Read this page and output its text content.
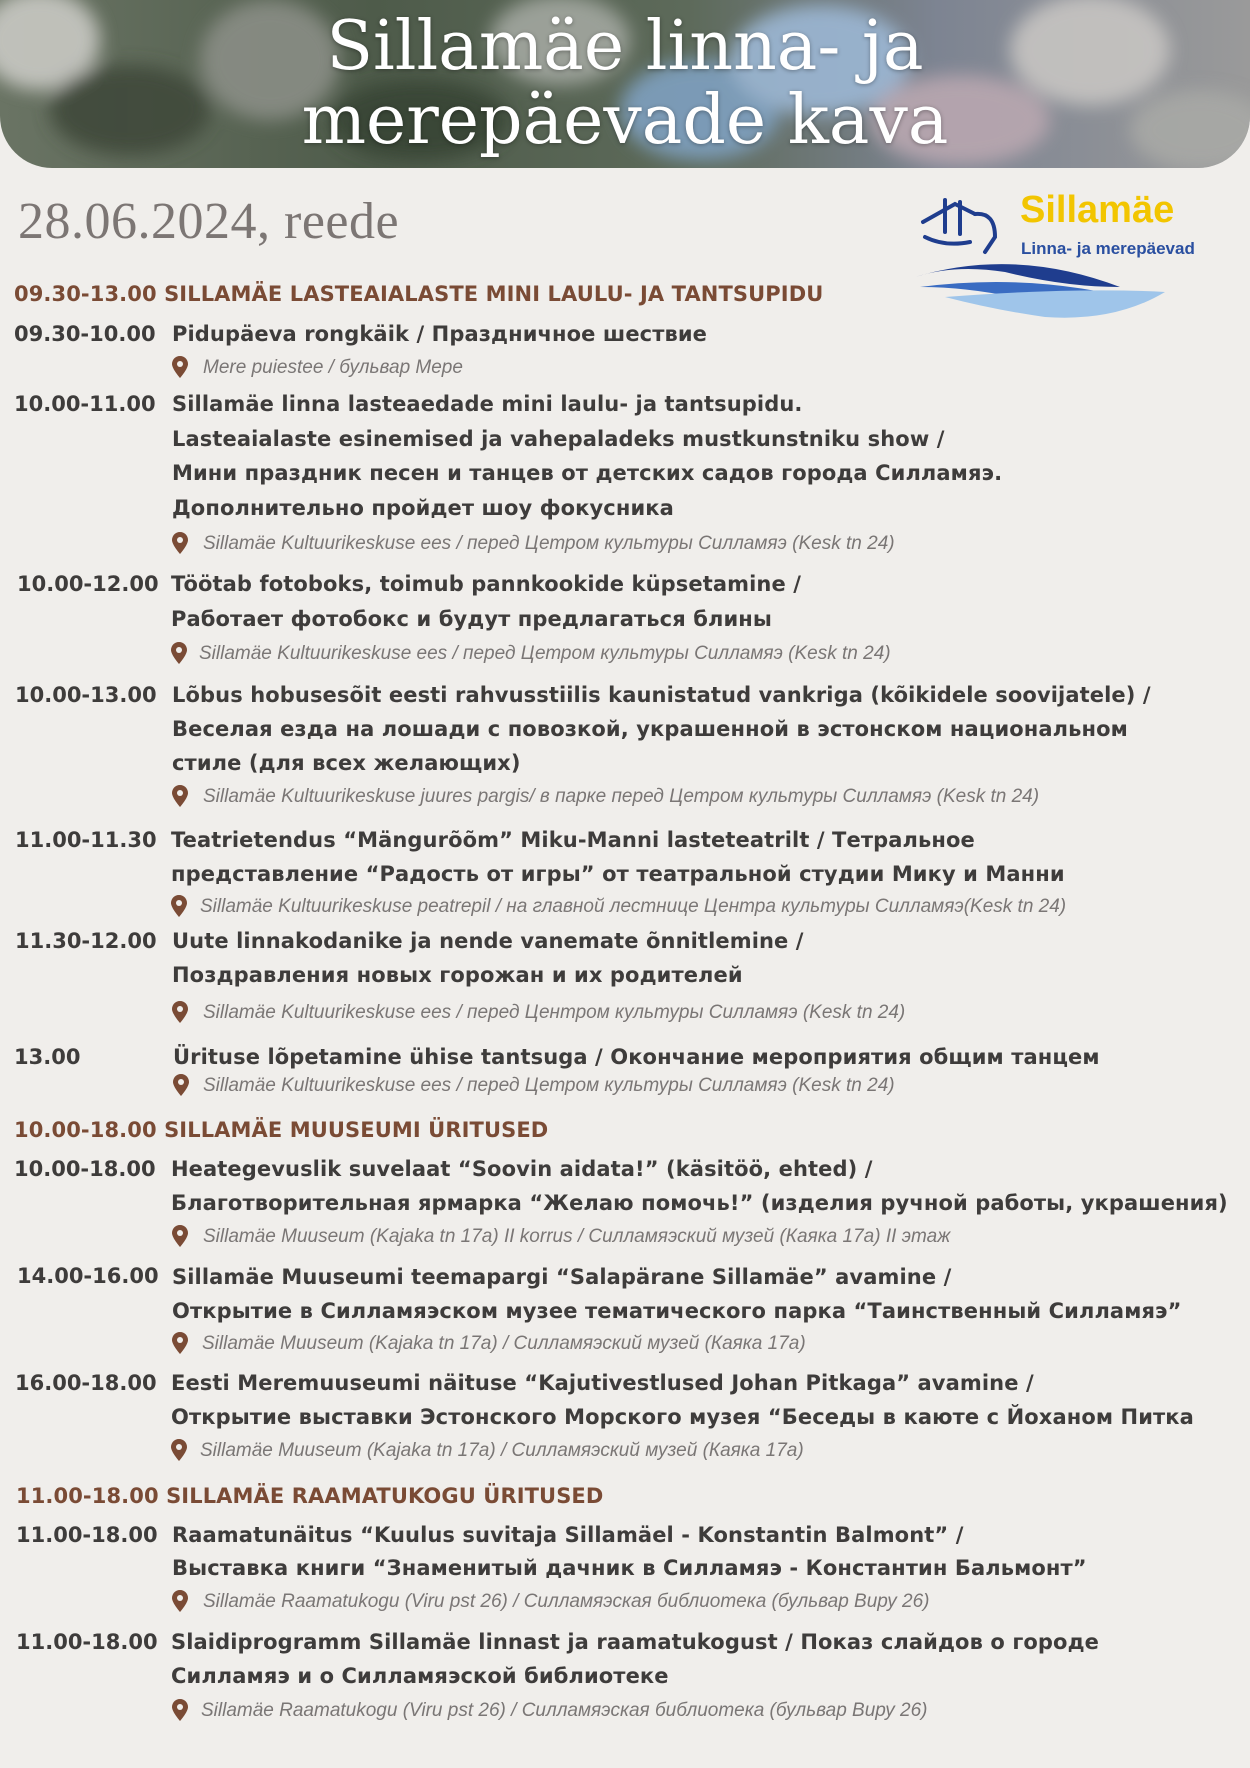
Sillamäe linna- ja
merepäevade kava
28.06.2024, reede	Sillamäe
Linna- ja merepäevad
09.30-13.00 SILLAMÄE LASTEAIALASTE MINI LAULU- JA TANTSUPIDU
09.30-10.00 Pidupäeva rongkäik / Праздничное шествие
Mere puiestee / бульвар Мере
10.00-11.00 Sillamäe linna lasteaedade mini laulu- ja tantsupidu.
Lasteaialaste esinemised ja vahepaladeks mustkunstniku show /
Мини праздник песен и танцев от детских садов города Силламяэ.
Дополнительно пройдет шоу фокусника
Sillamäe Kultuurikeskuse ees / перед Цетром культуры Силламяэ (Kesk tn 24)
10.00-12.00 Töötab fotoboks, toimub pannkookide küpsetamine /
Работает фотобокс и будут предлагаться блины
Sillamäe Kultuurikeskuse ees / перед Цетром культуры Силламяэ (Kesk tn 24)
10.00-13.00 Lõbus hobusesõit eesti rahvusstiilis kaunistatud vankriga (kõikidele soovijatele) /
Веселая езда на лошади с повозкой, украшенной в эстонском национальном
стиле (для всех желающих)
Sillamäe Kultuurikeskuse juures pargis/ в парке перед Цетром культуры Силламяэ (Kesk tn 24)
11.00-11.30 Teatrietendus “Mängurõõm” Miku-Manni lasteteatrilt / Тетральное
представление “Радость от игры” от театральной студии Мику и Манни
Sillamäe Kultuurikeskuse peatrepil / на главной лестнице Центра культуры Силламяэ(Kesk tn 24)
11.30-12.00 Uute linnakodanike ja nende vanemate õnnitlemine /
Поздравления новых горожан и их родителей
Sillamäe Kultuurikeskuse ees / перед Центром культуры Силламяэ (Kesk tn 24)
13.00	Ürituse lõpetamine ühise tantsuga / Окончание мероприятия общим танцем
Sillamäe Kultuurikeskuse ees / перед Цетром культуры Силламяэ (Kesk tn 24)
10.00-18.00 SILLAMÄE MUUSEUMI ÜRITUSED
10.00-18.00 Heategevuslik suvelaat “Soovin aidata!” (käsitöö, ehted) /
Благотворительная ярмарка “Желаю помочь!” (изделия ручной работы, украшения)
Sillamäe Muuseum (Kajaka tn 17a) II korrus / Силламяэский музей (Каяка 17a) II этаж
14.00-16.00 Sillamäe Muuseumi teemapargi “Salapärane Sillamäe” avamine /
Открытие в Силламяэском музее тематического парка “Таинственный Силламяэ”
Sillamäe Muuseum (Kajaka tn 17a) / Силламяэский музей (Каяка 17a)
16.00-18.00 Eesti Meremuuseumi näituse “Kajutivestlused Johan Pitkaga” avamine /
Открытие выставки Эстонского Морского музея “Беседы в каюте с Йоханом Питка
Sillamäe Muuseum (Kajaka tn 17a) / Силламяэский музей (Каяка 17a)
11.00-18.00 SILLAMÄE RAAMATUKOGU ÜRITUSED
11.00-18.00 Raamatunäitus “Kuulus suvitaja Sillamäel - Konstantin Balmont” /
Выставка книги “Знаменитый дачник в Силламяэ - Константин Бальмонт”
Sillamäe Raamatukogu (Viru pst 26) / Силламяэская библиотека (бульвар Виру 26)
11.00-18.00 Slaidiprogramm Sillamäe linnast ja raamatukogust / Показ слайдов о городе
Силламяэ и о Силламяэской библиотеке
Sillamäe Raamatukogu (Viru pst 26) / Силламяэская библиотека (бульвар Виру 26)
